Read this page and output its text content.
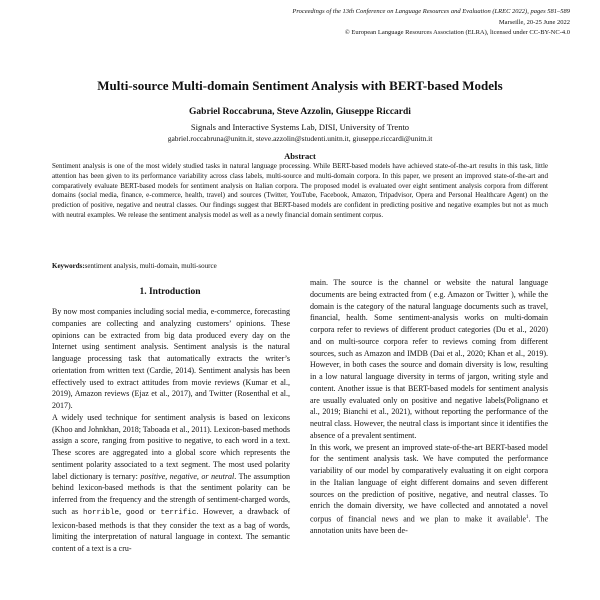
Proceedings of the 13th Conference on Language Resources and Evaluation (LREC 2022), pages 581–589
Marseille, 20-25 June 2022
© European Language Resources Association (ELRA), licensed under CC-BY-NC-4.0
Multi-source Multi-domain Sentiment Analysis with BERT-based Models
Gabriel Roccabruna, Steve Azzolin, Giuseppe Riccardi
Signals and Interactive Systems Lab, DISI, University of Trento
gabriel.roccabruna@unitn.it, steve.azzolin@studenti.unitn.it, giuseppe.riccardi@unitn.it
Abstract
Sentiment analysis is one of the most widely studied tasks in natural language processing. While BERT-based models have achieved state-of-the-art results in this task, little attention has been given to its performance variability across class labels, multi-source and multi-domain corpora. In this paper, we present an improved state-of-the-art and comparatively evaluate BERT-based models for sentiment analysis on Italian corpora. The proposed model is evaluated over eight sentiment analysis corpora from different domains (social media, finance, e-commerce, health, travel) and sources (Twitter, YouTube, Facebook, Amazon, Tripadvisor, Opera and Personal Healthcare Agent) on the prediction of positive, negative and neutral classes. Our findings suggest that BERT-based models are confident in predicting positive and negative examples but not as much with neutral examples. We release the sentiment analysis model as well as a newly financial domain sentiment corpus.
Keywords:sentiment analysis, multi-domain, multi-source
1. Introduction

By now most companies including social media, e-commerce, forecasting companies are collecting and analyzing customers’ opinions. These opinions can be extracted from big data produced every day on the Internet using sentiment analysis. Sentiment analysis is the natural language processing task that automatically extracts the writer’s orientation from written text (Cardie, 2014). Sentiment analysis has been effectively used to extract attitudes from movie reviews (Kumar et al., 2019), Amazon reviews (Ejaz et al., 2017), and Twitter (Rosenthal et al., 2017).

A widely used technique for sentiment analysis is based on lexicons (Khoo and Johnkhan, 2018; Taboada et al., 2011). Lexicon-based methods assign a score, ranging from positive to negative, to each word in a text. These scores are aggregated into a global score which represents the sentiment polarity associated to a text segment. The most used polarity label dictionary is ternary: positive, negative, or neutral. The assumption behind lexicon-based methods is that the sentiment polarity can be inferred from the frequency and the strength of sentiment-charged words, such as horrible, good or terrific. However, a drawback of lexicon-based methods is that they consider the text as a bag of words, limiting the interpretation of natural language in context. The semantic content of a text is a cru-

main. The source is the channel or website the natural language documents are being extracted from ( e.g. Amazon or Twitter ), while the domain is the category of the natural language documents such as travel, financial, health. Some sentiment-analysis works on multi-domain corpora refer to reviews of different product categories (Du et al., 2020) and on multi-source corpora refer to reviews coming from different sources, such as Amazon and IMDB (Dai et al., 2020; Khan et al., 2019). However, in both cases the source and domain diversity is low, resulting in a low natural language diversity in terms of jargon, writing style and content. Another issue is that BERT-based models for sentiment analysis are usually evaluated only on positive and negative labels(Polignano et al., 2019; Bianchi et al., 2021), without reporting the performance of the neutral class. However, the neutral class is important since it identifies the absence of a prevalent sentiment.

In this work, we present an improved state-of-the-art BERT-based model for the sentiment analysis task. We have computed the performance variability of our model by comparatively evaluating it on eight corpora in the Italian language of eight different domains and seven different sources on the prediction of positive, negative, and neutral classes. To enrich the domain diversity, we have collected and annotated a novel corpus of financial news and we plan to make it available$^1$. The annotation units have been de-
